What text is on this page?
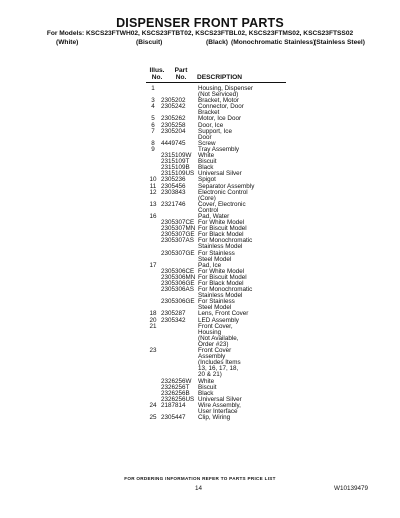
DISPENSER FRONT PARTS
For Models: KSCS23FTWH02, KSCS23FTBT02, KSCS23FTBL02, KSCS23FTMS02, KSCS23FTSS02
(White)	(Biscuit)	(Black) (Monochromatic Stainless)
(Stainless Steel)
Illus.
No.
Part
No.	DESCRIPTION
1	Housing, Dispenser
(Not Serviced)
3 2305202	Bracket, Motor
4 2305242	Connector, Door
Bracket
5 2305262	Motor, Ice Door
6 2305258	Door, Ice
7 2305204	Support, Ice
Door
8 4449745	Screw
9	Tray Assembly
2315109W	White
2315109T	Biscuit
2315109B	Black
2315109US Universal Silver
10 2305236	Spigot
11 2305456	Separator Assembly
12 2303843	Electronic Control
(Core)
13 2321746	Cover, Electronic
Control
16	Pad, Water
2305307CE For White Model
2305307MN For Biscuit Model
2305307GE For Black Model
2305307AS For Monochromatic
Stainless Model
2305307GE For Stainless
Steel Model
17	Pad, Ice
2305306CE For White Model
2305306MN For Biscuit Model
2305306GE For Black Model
2305306AS For Monochromatic
Stainless Model
2305306GE For Stainless
Steel Model
18 2305287	Lens, Front Cover
20 2305342	LED Assembly
21	Front Cover,
Housing
(Not Available,
Order #23)
23	Front Cover
Assembly
(Includes Items
13, 16, 17, 18,
20 & 21)
2326256W	White
2326256T	Biscuit
2326256B	Black
2326256US Universal Silver
24 2187814	Wire Assembly,
User Interface
25 2305447	Clip, Wiring
FOR ORDERING INFORMATION REFER TO PARTS PRICE LIST
14	W10139479
